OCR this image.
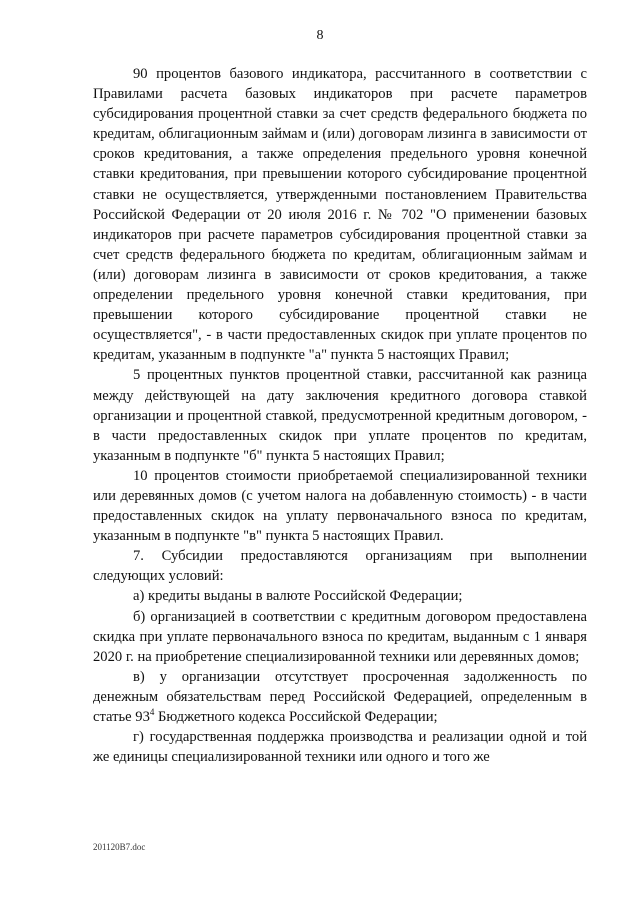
8

90 процентов базового индикатора, рассчитанного в соответствии с Правилами расчета базовых индикаторов при расчете параметров субсидирования процентной ставки за счет средств федерального бюджета по кредитам, облигационным займам и (или) договорам лизинга в зависимости от сроков кредитования, а также определения предельного уровня конечной ставки кредитования, при превышении которого субсидирование процентной ставки не осуществляется, утвержденными постановлением Правительства Российской Федерации от 20 июля 2016 г. № 702 "О применении базовых индикаторов при расчете параметров субсидирования процентной ставки за счет средств федерального бюджета по кредитам, облигационным займам и (или) договорам лизинга в зависимости от сроков кредитования, а также определении предельного уровня конечной ставки кредитования, при превышении которого субсидирование процентной ставки не осуществляется", - в части предоставленных скидок при уплате процентов по кредитам, указанным в подпункте "а" пункта 5 настоящих Правил;

5 процентных пунктов процентной ставки, рассчитанной как разница между действующей на дату заключения кредитного договора ставкой организации и процентной ставкой, предусмотренной кредитным договором, - в части предоставленных скидок при уплате процентов по кредитам, указанным в подпункте "б" пункта 5 настоящих Правил;

10 процентов стоимости приобретаемой специализированной техники или деревянных домов (с учетом налога на добавленную стоимость) - в части предоставленных скидок на уплату первоначального взноса по кредитам, указанным в подпункте "в" пункта 5 настоящих Правил.

7. Субсидии предоставляются организациям при выполнении следующих условий:

а) кредиты выданы в валюте Российской Федерации;

б) организацией в соответствии с кредитным договором предоставлена скидка при уплате первоначального взноса по кредитам, выданным с 1 января 2020 г. на приобретение специализированной техники или деревянных домов;

в) у организации отсутствует просроченная задолженность по денежным обязательствам перед Российской Федерацией, определенным в статье $93^4$ Бюджетного кодекса Российской Федерации;

г) государственная поддержка производства и реализации одной и той же единицы специализированной техники или одного и того же

201120В7.doc
